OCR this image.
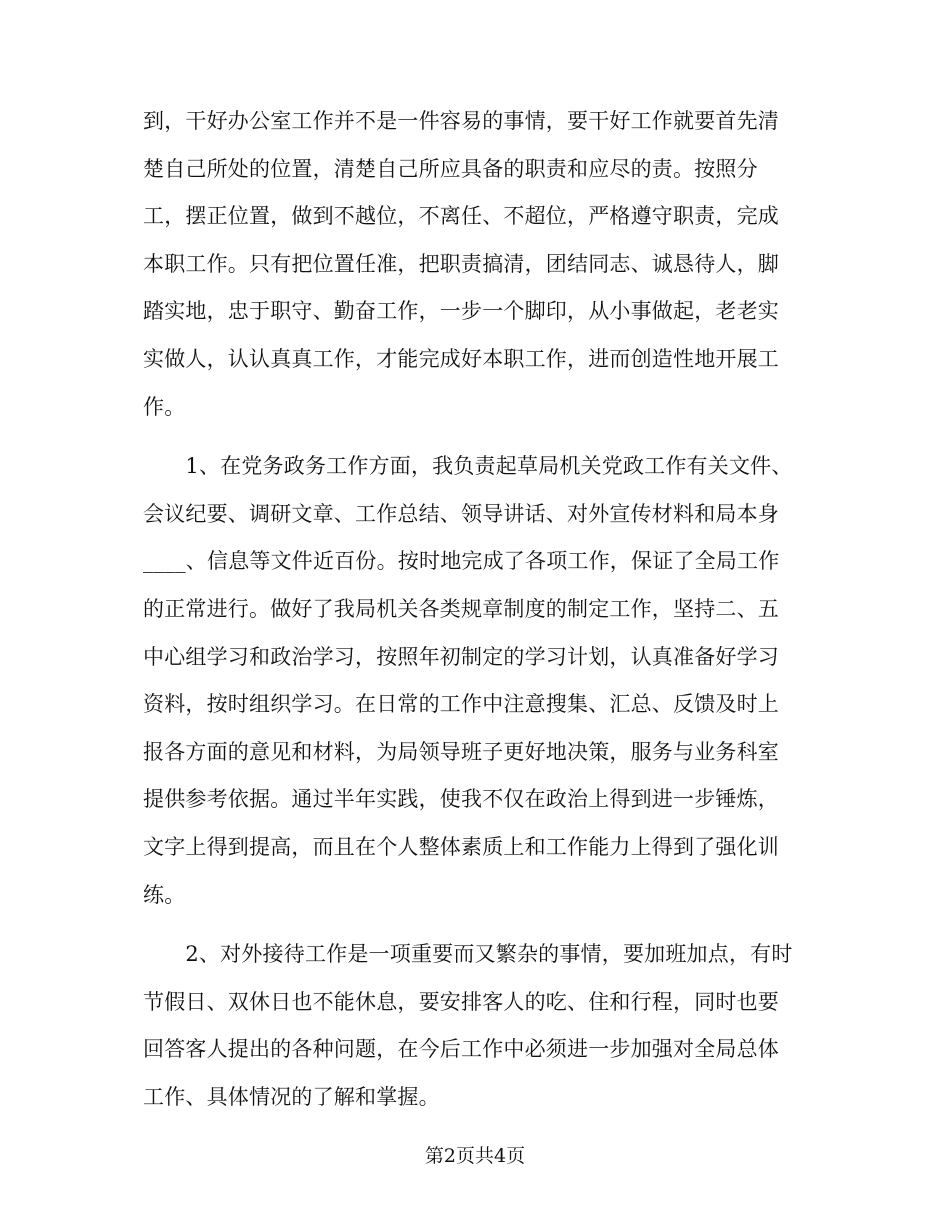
到，干好办公室工作并不是一件容易的事情，要干好工作就要首先清
楚自己所处的位置，清楚自己所应具备的职责和应尽的责。按照分
工，摆正位置，做到不越位，不离任、不超位，严格遵守职责，完成
本职工作。只有把位置任准，把职责搞清，团结同志、诚恳待人，脚
踏实地，忠于职守、勤奋工作，一步一个脚印，从小事做起，老老实
实做人，认认真真工作，才能完成好本职工作，进而创造性地开展工
作。
　　1、在党务政务工作方面，我负责起草局机关党政工作有关文件、
会议纪要、调研文章、工作总结、领导讲话、对外宣传材料和局本身
____、信息等文件近百份。按时地完成了各项工作，保证了全局工作
的正常进行。做好了我局机关各类规章制度的制定工作，坚持二、五
中心组学习和政治学习，按照年初制定的学习计划，认真准备好学习
资料，按时组织学习。在日常的工作中注意搜集、汇总、反馈及时上
报各方面的意见和材料，为局领导班子更好地决策，服务与业务科室
提供参考依据。通过半年实践，使我不仅在政治上得到进一步锤炼，
文字上得到提高，而且在个人整体素质上和工作能力上得到了强化训
练。
　　2、对外接待工作是一项重要而又繁杂的事情，要加班加点，有时
节假日、双休日也不能休息，要安排客人的吃、住和行程，同时也要
回答客人提出的各种问题，在今后工作中必须进一步加强对全局总体
工作、具体情况的了解和掌握。
第2页共4页
